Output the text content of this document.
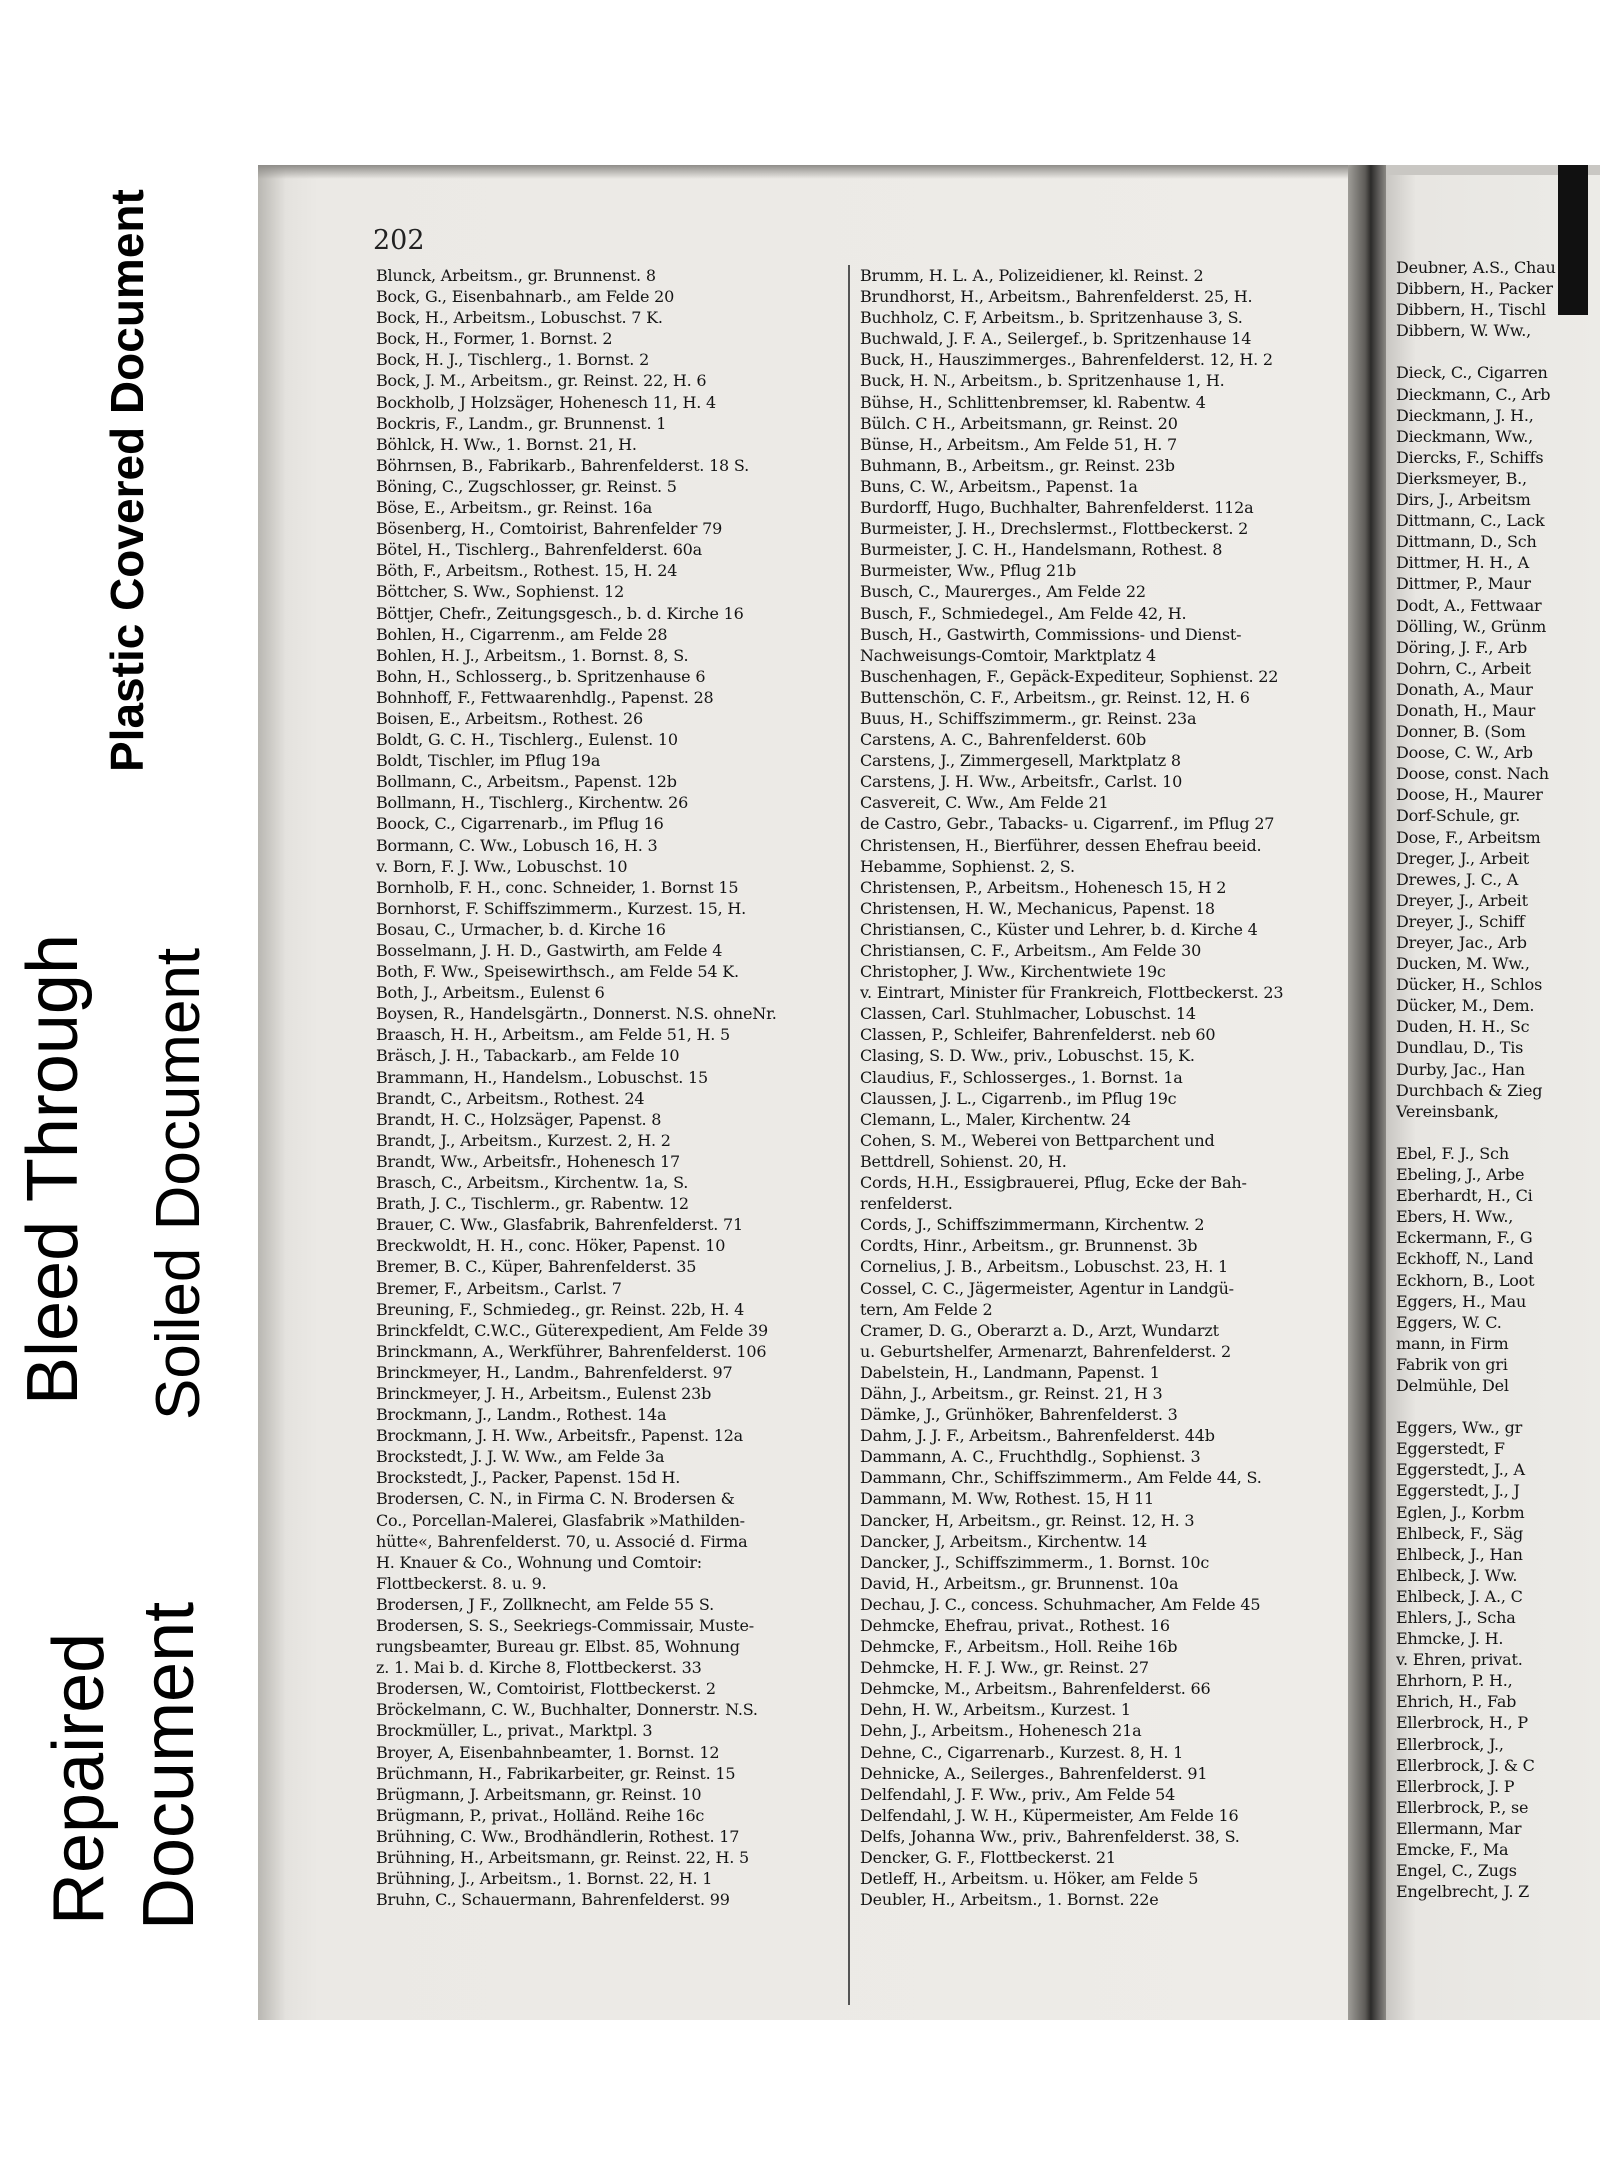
Plastic Covered Document
Bleed Through Soiled Document
Repaired Document
202
Blunck, Arbeitsm., gr. Brunnenst. 8
Bock, G., Eisenbahnarb., am Felde 20
Bock, H., Arbeitsm., Lobuschst. 7 K.
Bock, H., Former, 1. Bornst. 2
Bock, H. J., Tischlerg., 1. Bornst. 2
Bock, J. M., Arbeitsm., gr. Reinst. 22, H. 6
Bockholb, J Holzsäger, Hohenesch 11, H. 4
Bockris, F., Landm., gr. Brunnenst. 1
Böhlck, H. Ww., 1. Bornst. 21, H.
Böhrnsen, B., Fabrikarb., Bahrenfelderst. 18 S.
Böning, C., Zugschlosser, gr. Reinst. 5
Böse, E., Arbeitsm., gr. Reinst. 16a
Bösenberg, H., Comtoirist, Bahrenfelder 79
Bötel, H., Tischlerg., Bahrenfelderst. 60a
Böth, F., Arbeitsm., Rothest. 15, H. 24
Böttcher, S. Ww., Sophienst. 12
Böttjer, Chefr., Zeitungsgesch., b. d. Kirche 16
Bohlen, H., Cigarrenm., am Felde 28
Bohlen, H. J., Arbeitsm., 1. Bornst. 8, S.
Bohn, H., Schlosserg., b. Spritzenhause 6
Bohnhoff, F., Fettwaarenhdlg., Papenst. 28
Boisen, E., Arbeitsm., Rothest. 26
Boldt, G. C. H., Tischlerg., Eulenst. 10
Boldt, Tischler, im Pflug 19a
Bollmann, C., Arbeitsm., Papenst. 12b
Bollmann, H., Tischlerg., Kirchentw. 26
Boock, C., Cigarrenarb., im Pflug 16
Bormann, C. Ww., Lobusch 16, H. 3
v. Born, F. J. Ww., Lobuschst. 10
Bornholb, F. H., conc. Schneider, 1. Bornst 15
Bornhorst, F. Schiffszimmerm., Kurzest. 15, H.
Bosau, C., Urmacher, b. d. Kirche 16
Bosselmann, J. H. D., Gastwirth, am Felde 4
Both, F. Ww., Speisewirthsch., am Felde 54 K.
Both, J., Arbeitsm., Eulenst 6
Boysen, R., Handelsgärtn., Donnerst. N.S. ohneNr.
Braasch, H. H., Arbeitsm., am Felde 51, H. 5
Bräsch, J. H., Tabackarb., am Felde 10
Brammann, H., Handelsm., Lobuschst. 15
Brandt, C., Arbeitsm., Rothest. 24
Brandt, H. C., Holzsäger, Papenst. 8
Brandt, J., Arbeitsm., Kurzest. 2, H. 2
Brandt, Ww., Arbeitsfr., Hohenesch 17
Brasch, C., Arbeitsm., Kirchentw. 1a, S.
Brath, J. C., Tischlerm., gr. Rabentw. 12
Brauer, C. Ww., Glasfabrik, Bahrenfelderst. 71
Breckwoldt, H. H., conc. Höker, Papenst. 10
Bremer, B. C., Küper, Bahrenfelderst. 35
Bremer, F., Arbeitsm., Carlst. 7
Breuning, F., Schmiedeg., gr. Reinst. 22b, H. 4
Brinckfeldt, C.W.C., Güterexpedient, Am Felde 39
Brinckmann, A., Werkführer, Bahrenfelderst. 106
Brinckmeyer, H., Landm., Bahrenfelderst. 97
Brinckmeyer, J. H., Arbeitsm., Eulenst 23b
Brockmann, J., Landm., Rothest. 14a
Brockmann, J. H. Ww., Arbeitsfr., Papenst. 12a
Brockstedt, J. J. W. Ww., am Felde 3a
Brockstedt, J., Packer, Papenst. 15d H.
Brodersen, C. N., in Firma C. N. Brodersen &
Co., Porcellan-Malerei, Glasfabrik »Mathilden-
hütte«, Bahrenfelderst. 70, u. Associé d. Firma
H. Knauer & Co., Wohnung und Comtoir:
Flottbeckerst. 8. u. 9.
Brodersen, J F., Zollknecht, am Felde 55 S.
Brodersen, S. S., Seekriegs-Commissair, Muste-
rungsbeamter, Bureau gr. Elbst. 85, Wohnung
z. 1. Mai b. d. Kirche 8, Flottbeckerst. 33
Brodersen, W., Comtoirist, Flottbeckerst. 2
Bröckelmann, C. W., Buchhalter, Donnerstr. N.S.
Brockmüller, L., privat., Marktpl. 3
Broyer, A, Eisenbahnbeamter, 1. Bornst. 12
Brüchmann, H., Fabrikarbeiter, gr. Reinst. 15
Brügmann, J. Arbeitsmann, gr. Reinst. 10
Brügmann, P., privat., Holländ. Reihe 16c
Brühning, C. Ww., Brodhändlerin, Rothest. 17
Brühning, H., Arbeitsmann, gr. Reinst. 22, H. 5
Brühning, J., Arbeitsm., 1. Bornst. 22, H. 1
Bruhn, C., Schauermann, Bahrenfelderst. 99
Brumm, H. L. A., Polizeidiener, kl. Reinst. 2
Brundhorst, H., Arbeitsm., Bahrenfelderst. 25, H.
Buchholz, C. F, Arbeitsm., b. Spritzenhause 3, S.
Buchwald, J. F. A., Seilergef., b. Spritzenhause 14
Buck, H., Hauszimmerges., Bahrenfelderst. 12, H. 2
Buck, H. N., Arbeitsm., b. Spritzenhause 1, H.
Bühse, H., Schlittenbremser, kl. Rabentw. 4
Bülch. C H., Arbeitsmann, gr. Reinst. 20
Bünse, H., Arbeitsm., Am Felde 51, H. 7
Buhmann, B., Arbeitsm., gr. Reinst. 23b
Buns, C. W., Arbeitsm., Papenst. 1a
Burdorff, Hugo, Buchhalter, Bahrenfelderst. 112a
Burmeister, J. H., Drechslermst., Flottbeckerst. 2
Burmeister, J. C. H., Handelsmann, Rothest. 8
Burmeister, Ww., Pflug 21b
Busch, C., Maurerges., Am Felde 22
Busch, F., Schmiedegel., Am Felde 42, H.
Busch, H., Gastwirth, Commissions- und Dienst-
Nachweisungs-Comtoir, Marktplatz 4
Buschenhagen, F., Gepäck-Expediteur, Sophienst. 22
Buttenschön, C. F., Arbeitsm., gr. Reinst. 12, H. 6
Buus, H., Schiffszimmerm., gr. Reinst. 23a
Carstens, A. C., Bahrenfelderst. 60b
Carstens, J., Zimmergesell, Marktplatz 8
Carstens, J. H. Ww., Arbeitsfr., Carlst. 10
Casvereit, C. Ww., Am Felde 21
de Castro, Gebr., Tabacks- u. Cigarrenf., im Pflug 27
Christensen, H., Bierführer, dessen Ehefrau beeid.
Hebamme, Sophienst. 2, S.
Christensen, P., Arbeitsm., Hohenesch 15, H 2
Christensen, H. W., Mechanicus, Papenst. 18
Christiansen, C., Küster und Lehrer, b. d. Kirche 4
Christiansen, C. F., Arbeitsm., Am Felde 30
Christopher, J. Ww., Kirchentwiete 19c
v. Eintrart, Minister für Frankreich, Flottbeckerst. 23
Classen, Carl. Stuhlmacher, Lobuschst. 14
Classen, P., Schleifer, Bahrenfelderst. neb 60
Clasing, S. D. Ww., priv., Lobuschst. 15, K.
Claudius, F., Schlosserges., 1. Bornst. 1a
Claussen, J. L., Cigarrenb., im Pflug 19c
Clemann, L., Maler, Kirchentw. 24
Cohen, S. M., Weberei von Bettparchent und
Bettdrell, Sohienst. 20, H.
Cords, H.H., Essigbrauerei, Pflug, Ecke der Bah-
renfelderst.
Cords, J., Schiffszimmermann, Kirchentw. 2
Cordts, Hinr., Arbeitsm., gr. Brunnenst. 3b
Cornelius, J. B., Arbeitsm., Lobuschst. 23, H. 1
Cossel, C. C., Jägermeister, Agentur in Landgü-
tern, Am Felde 2
Cramer, D. G., Oberarzt a. D., Arzt, Wundarzt
u. Geburtshelfer, Armenarzt, Bahrenfelderst. 2
Dabelstein, H., Landmann, Papenst. 1
Dähn, J., Arbeitsm., gr. Reinst. 21, H 3
Dämke, J., Grünhöker, Bahrenfelderst. 3
Dahm, J. J. F., Arbeitsm., Bahrenfelderst. 44b
Dammann, A. C., Fruchthdlg., Sophienst. 3
Dammann, Chr., Schiffszimmerm., Am Felde 44, S.
Dammann, M. Ww, Rothest. 15, H 11
Dancker, H, Arbeitsm., gr. Reinst. 12, H. 3
Dancker, J, Arbeitsm., Kirchentw. 14
Dancker, J., Schiffszimmerm., 1. Bornst. 10c
David, H., Arbeitsm., gr. Brunnenst. 10a
Dechau, J. C., concess. Schuhmacher, Am Felde 45
Dehmcke, Ehefrau, privat., Rothest. 16
Dehmcke, F., Arbeitsm., Holl. Reihe 16b
Dehmcke, H. F. J. Ww., gr. Reinst. 27
Dehmcke, M., Arbeitsm., Bahrenfelderst. 66
Dehn, H. W., Arbeitsm., Kurzest. 1
Dehn, J., Arbeitsm., Hohenesch 21a
Dehne, C., Cigarrenarb., Kurzest. 8, H. 1
Dehnicke, A., Seilerges., Bahrenfelderst. 91
Delfendahl, J. F. Ww., priv., Am Felde 54
Delfendahl, J. W. H., Küpermeister, Am Felde 16
Delfs, Johanna Ww., priv., Bahrenfelderst. 38, S.
Dencker, G. F., Flottbeckerst. 21
Detleff, H., Arbeitsm. u. Höker, am Felde 5
Deubler, H., Arbeitsm., 1. Bornst. 22e
Deubner, A.S., Chau
Dibbern, H., Packer
Dibbern, H., Tischl
Dibbern, W. Ww.,
Dieck, C., Cigarren
Dieckmann, C., Arb
Dieckmann, J. H.,
Dieckmann, Ww.,
Diercks, F., Schiffs
Dierksmeyer, B.,
Dirs, J., Arbeitsm
Dittmann, C., Lack
Dittmann, D., Sch
Dittmer, H. H., A
Dittmer, P., Maur
Dodt, A., Fettwaar
Dölling, W., Grünm
Döring, J. F., Arb
Dohrn, C., Arbeit
Donath, A., Maur
Donath, H., Maur
Donner, B. (Som
Doose, C. W., Arb
Doose, const. Nach
Doose, H., Maurer
Dorf-Schule, gr.
Dose, F., Arbeitsm
Dreger, J., Arbeit
Drewes, J. C., A
Dreyer, J., Arbeit
Dreyer, J., Schiff
Dreyer, Jac., Arb
Ducken, M. Ww.,
Dücker, H., Schlos
Dücker, M., Dem.
Duden, H. H., Sc
Dundlau, D., Tis
Durby, Jac., Han
Durchbach & Zieg
Vereinsbank,
Ebel, F. J., Sch
Ebeling, J., Arbe
Eberhardt, H., Ci
Ebers, H. Ww.,
Eckermann, F., G
Eckhoff, N., Land
Eckhorn, B., Loot
Eggers, H., Mau
Eggers, W. C.
mann, in Firm
Fabrik von gri
Delmühle, Del
Eggers, Ww., gr
Eggerstedt, F
Eggerstedt, J., A
Eggerstedt, J., J
Eglen, J., Korbm
Ehlbeck, F., Säg
Ehlbeck, J., Han
Ehlbeck, J. Ww.
Ehlbeck, J. A., C
Ehlers, J., Scha
Ehmcke, J. H.
v. Ehren, privat.
Ehrhorn, P. H.,
Ehrich, H., Fab
Ellerbrock, H., P
Ellerbrock, J.,
Ellerbrock, J. & C
Ellerbrock, J. P
Ellerbrock, P., se
Ellermann, Mar
Emcke, F., Ma
Engel, C., Zugs
Engelbrecht, J. Z
